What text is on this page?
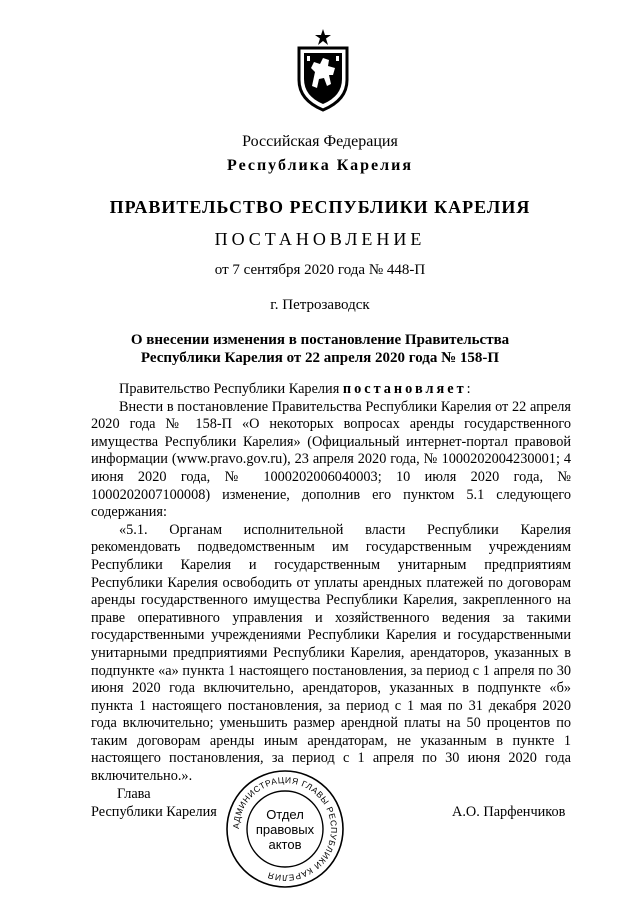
Российская Федерация
Республика Карелия
ПРАВИТЕЛЬСТВО РЕСПУБЛИКИ КАРЕЛИЯ
ПОСТАНОВЛЕНИЕ
от 7 сентября 2020 года № 448-П
г. Петрозаводск
О внесении изменения в постановление Правительства
Республики Карелия от 22 апреля 2020 года № 158-П

Правительство Республики Карелия постановляет:

Внести в постановление Правительства Республики Карелия от 22 апреля 2020 года № 158-П «О некоторых вопросах аренды государственного имущества Республики Карелия» (Официальный интернет-портал правовой информации (www.pravo.gov.ru), 23 апреля 2020 года, № 1000202004230001; 4 июня 2020 года, № 1000202006040003; 10 июля 2020 года, № 1000202007100008) изменение, дополнив его пунктом 5.1 следующего содержания:

«5.1. Органам исполнительной власти Республики Карелия рекомендовать подведомственным им государственным учреждениям Республики Карелия и государственным унитарным предприятиям Республики Карелия освободить от уплаты арендных платежей по договорам аренды государственного имущества Республики Карелия, закрепленного на праве оперативного управления и хозяйственного ведения за такими государственными учреждениями Республики Карелия и государственными унитарными предприятиями Республики Карелия, арендаторов, указанных в подпункте «а» пункта 1 настоящего постановления, за период с 1 апреля по 30 июня 2020 года включительно, арендаторов, указанных в подпункте «б» пункта 1 настоящего постановления, за период с 1 мая по 31 декабря 2020 года включительно; уменьшить размер арендной платы на 50 процентов по таким договорам аренды иным арендаторам, не указанным в пункте 1 настоящего постановления, за период с 1 апреля по 30 июня 2020 года включительно.».

Глава
Республики Карелия	А.О. Парфенчиков
АДМИНИСТРАЦИЯ ГЛАВЫ РЕСПУБЛИКИ КАРЕЛИЯ
Отдел
правовых
актов
